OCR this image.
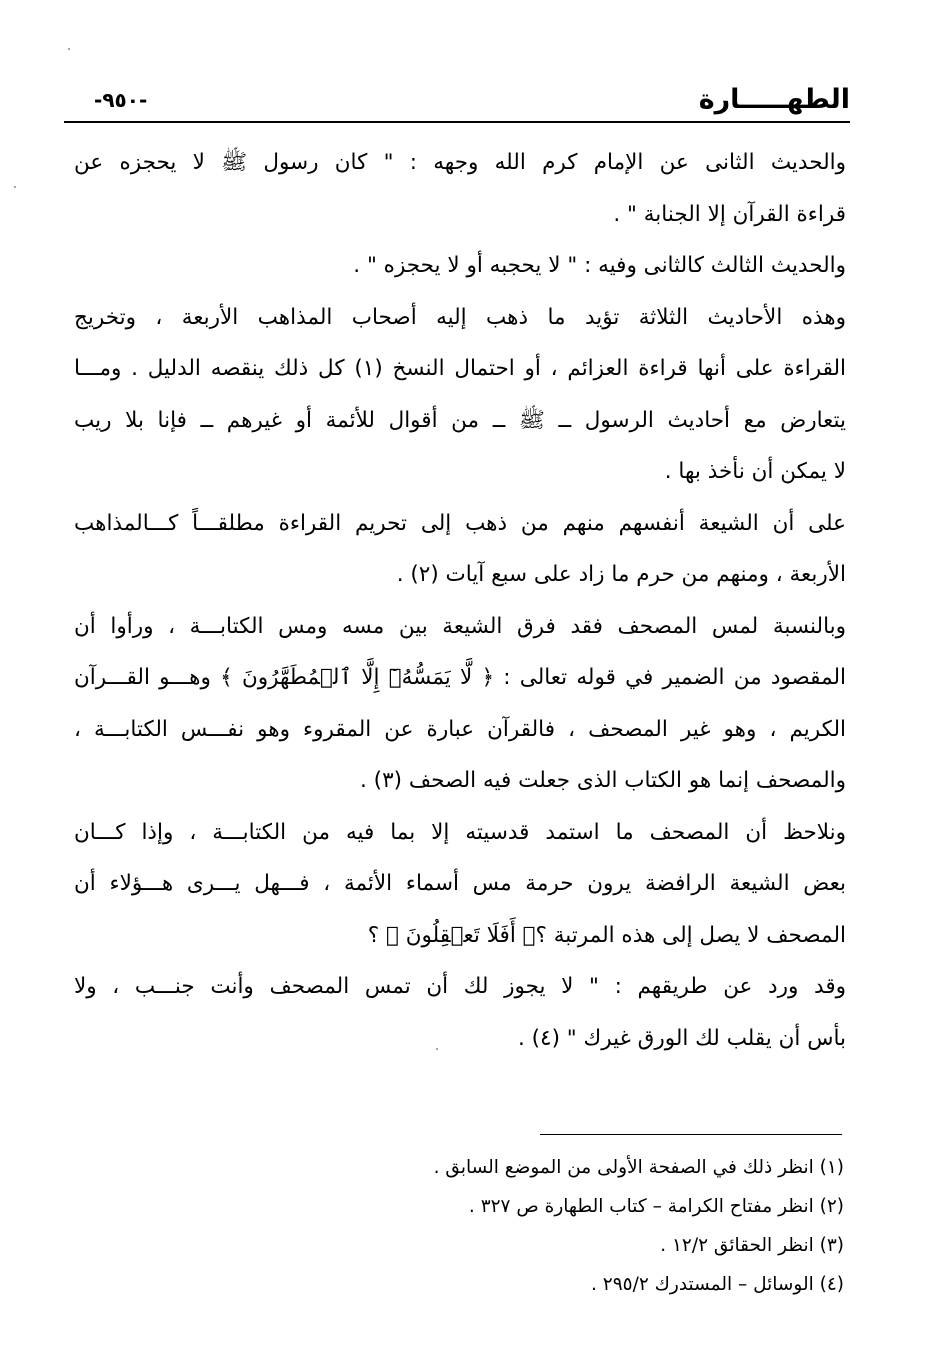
الطهـــــارة
-٩٥٠-
والحديث الثانى عن الإمام كرم الله وجهه : " كان رسول ﷺ لا يحجزه عن
قراءة القرآن إلا الجنابة " .
والحديث الثالث كالثانى وفيه : " لا يحجبه أو لا يحجزه " .
وهذه الأحاديث الثلاثة تؤيد ما ذهب إليه أصحاب المذاهب الأربعة ، وتخريج
القراءة على أنها قراءة العزائم ، أو احتمال النسخ (١) كل ذلك ينقصه الدليل . ومـــا
يتعارض مع أحاديث الرسول ــ ﷺ ــ من أقوال للأئمة أو غيرهم ــ فإنا بلا ريب
لا يمكن أن نأخذ بها .
على أن الشيعة أنفسهم منهم من ذهب إلى تحريم القراءة مطلقـــاً كـــالمذاهب
الأربعة ، ومنهم من حرم ما زاد على سبع آيات (٢) .
وبالنسبة لمس المصحف فقد فرق الشيعة بين مسه ومس الكتابـــة ، ورأوا أن
المقصود من الضمير في قوله تعالى : ﴿ لَّا يَمَسُّهُۥٓ إِلَّا ٱلۡمُطَهَّرُونَ ﴾ وهـــو القـــرآن
الكريم ، وهو غير المصحف ، فالقرآن عبارة عن المقروء وهو نفـــس الكتابـــة ،
والمصحف إنما هو الكتاب الذى جعلت فيه الصحف (٣) .
ونلاحظ أن المصحف ما استمد قدسيته إلا بما فيه من الكتابـــة ، وإذا كـــان
بعض الشيعة الرافضة يرون حرمة مس أسماء الأئمة ، فـــهل يـــرى هـــؤلاء أن
المصحف لا يصل إلى هذه المرتبة ؟﴿ أَفَلَا تَعۡقِلُونَ ﴾ ؟
وقد ورد عن طريقهم : " لا يجوز لك أن تمس المصحف وأنت جنـــب ، ولا
بأس أن يقلب لك الورق غيرك " (٤) .
(١) انظر ذلك في الصفحة الأولى من الموضع السابق .
(٢) انظر مفتاح الكرامة – كتاب الطهارة ص ٣٢٧ .
(٣) انظر الحقائق ١٢/٢ .
(٤) الوسائل – المستدرك ٢٩٥/٢ .
